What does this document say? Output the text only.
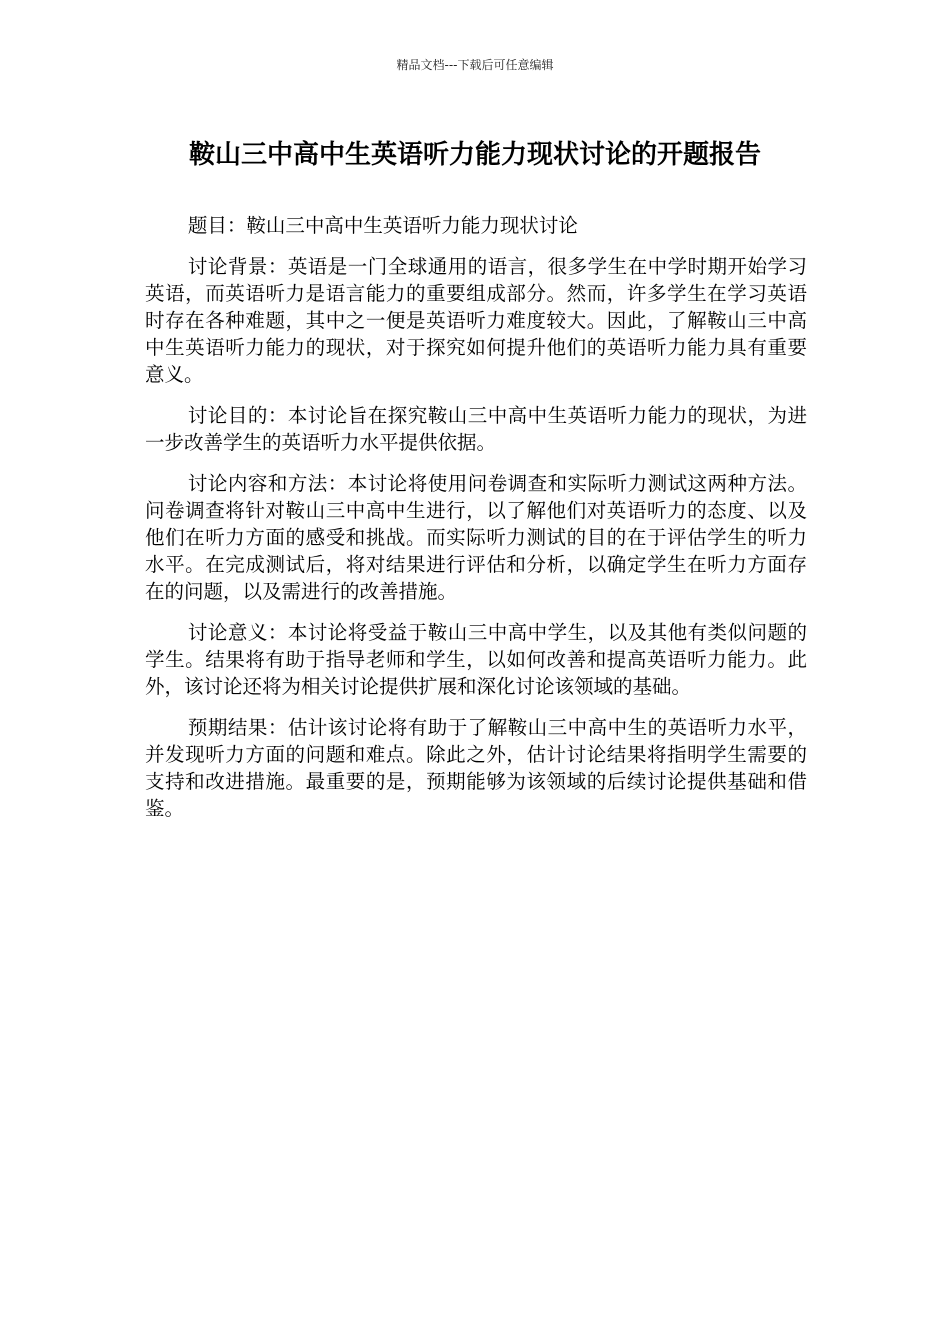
精品文档---下载后可任意编辑
鞍山三中高中生英语听力能力现状讨论的开题报告

题目：鞍山三中高中生英语听力能力现状讨论

讨论背景：英语是一门全球通用的语言，很多学生在中学时期开始学习英语，而英语听力是语言能力的重要组成部分。然而，许多学生在学习英语时存在各种难题，其中之一便是英语听力难度较大。因此，了解鞍山三中高中生英语听力能力的现状，对于探究如何提升他们的英语听力能力具有重要意义。

讨论目的：本讨论旨在探究鞍山三中高中生英语听力能力的现状，为进一步改善学生的英语听力水平提供依据。

讨论内容和方法：本讨论将使用问卷调查和实际听力测试这两种方法。问卷调查将针对鞍山三中高中生进行，以了解他们对英语听力的态度、以及他们在听力方面的感受和挑战。而实际听力测试的目的在于评估学生的听力水平。在完成测试后，将对结果进行评估和分析，以确定学生在听力方面存在的问题，以及需进行的改善措施。

讨论意义：本讨论将受益于鞍山三中高中学生，以及其他有类似问题的学生。结果将有助于指导老师和学生，以如何改善和提高英语听力能力。此外，该讨论还将为相关讨论提供扩展和深化讨论该领域的基础。

预期结果：估计该讨论将有助于了解鞍山三中高中生的英语听力水平，并发现听力方面的问题和难点。除此之外，估计讨论结果将指明学生需要的支持和改进措施。最重要的是，预期能够为该领域的后续讨论提供基础和借鉴。
